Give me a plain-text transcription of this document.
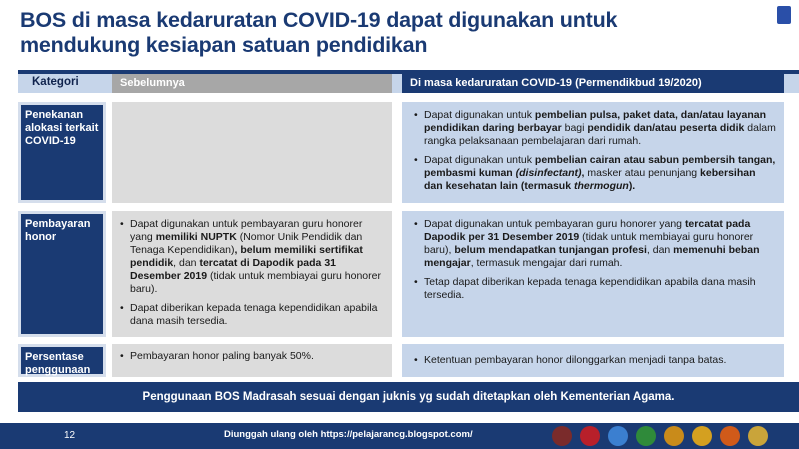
BOS di masa kedaruratan COVID-19 dapat digunakan untuk
mendukung kesiapan satuan pendidikan
Kategori	Sebelumnya	Di masa kedaruratan COVID-19 (Permendikbud 19/2020)
Penekanan alokasi terkait COVID-19
• Dapat digunakan untuk pembelian pulsa, paket data, dan/atau layanan pendidikan daring berbayar bagi pendidik dan/atau peserta didik dalam rangka pelaksanaan pembelajaran dari rumah.
• Dapat digunakan untuk pembelian cairan atau sabun pembersih tangan, pembasmi kuman (disinfectant), masker atau penunjang kebersihan dan kesehatan lain (termasuk thermogun).
Pembayaran honor
• Dapat digunakan untuk pembayaran guru honorer yang memiliki NUPTK (Nomor Unik Pendidik dan Tenaga Kependidikan), belum memiliki sertifikat pendidik, dan tercatat di Dapodik pada 31 Desember 2019 (tidak untuk membiayai guru honorer baru).
• Dapat diberikan kepada tenaga kependidikan apabila dana masih tersedia.
• Dapat digunakan untuk pembayaran guru honorer yang tercatat pada Dapodik per 31 Desember 2019 (tidak untuk membiayai guru honorer baru), belum mendapatkan tunjangan profesi, dan memenuhi beban mengajar, termasuk mengajar dari rumah.
• Tetap dapat diberikan kepada tenaga kependidikan apabila dana masih tersedia.
Persentase penggunaan
• Pembayaran honor paling banyak 50%.
•	Ketentuan pembayaran honor dilonggarkan menjadi tanpa batas.
Penggunaan BOS Madrasah sesuai dengan juknis yg sudah ditetapkan oleh Kementerian Agama.
12	Diunggah ulang oleh https://pelajarancg.blogspot.com/
